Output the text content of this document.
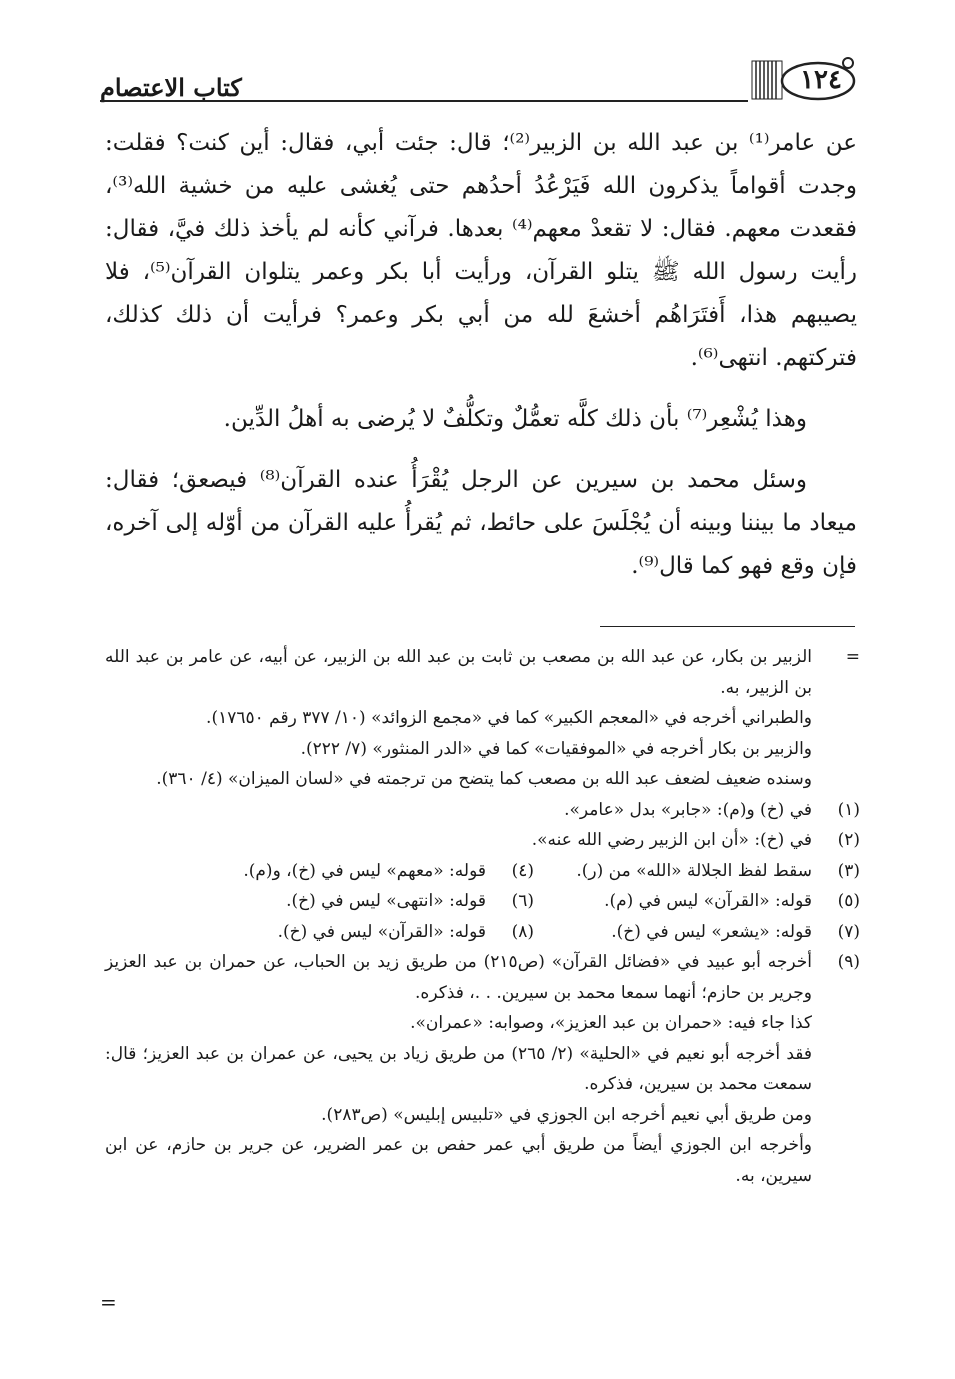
كتاب الاعتصام	١٢٤

عن عامر⁽¹⁾ بن عبد الله بن الزبير⁽²⁾؛ قال: جئت أبي، فقال: أين كنت؟ فقلت: وجدت أقواماً يذكرون الله فَيَرْعُدُ أحدُهم حتى يُغشى عليه من خشية الله⁽³⁾، فقعدت معهم. فقال: لا تقعدْ معهم⁽⁴⁾ بعدها. فرآني كأنه لم يأخذ ذلك فيَّ، فقال: رأيت رسول الله ﷺ يتلو القرآن، ورأيت أبا بكر وعمر يتلوان القرآن⁽⁵⁾، فلا يصيبهم هذا، أَفتَرَاهُم أخشعَ لله من أبي بكر وعمر؟ فرأيت أن ذلك كذلك، فتركتهم. انتهى⁽⁶⁾.

وهذا يُشْعِر⁽⁷⁾ بأن ذلك كلَّه تعمُّلٌ وتكلُّفٌ لا يُرضى به أهلُ الدِّين.

وسئل محمد بن سيرين عن الرجل يُقْرَأُ عنده القرآن⁽⁸⁾ فيصعق؛ فقال: ميعاد ما بيننا وبينه أن يُجْلَسَ على حائط، ثم يُقرأُ عليه القرآن من أوّله إلى آخره، فإن وقع فهو كما قال⁽⁹⁾.

=
الزبير بن بكار، عن عبد الله بن مصعب بن ثابت بن عبد الله بن الزبير، عن أبيه، عن عامر بن عبد الله بن الزبير، به.
والطبراني أخرجه في «المعجم الكبير» كما في «مجمع الزوائد» (١٠/ ٣٧٧ رقم ١٧٦٥٠).
والزبير بن بكار أخرجه في «الموفقيات» كما في «الدر المنثور» (٧/ ٢٢٢).
وسنده ضعيف لضعف عبد الله بن مصعب كما يتضح من ترجمته في «لسان الميزان» (٤/ ٣٦٠).
(١)
في (خ) و(م): «جابر» بدل «عامر».
(٢)
في (خ): «أن ابن الزبير رضي الله عنه».
(٣)
سقط لفظ الجلالة «الله» من (ر).
(٤)
قوله: «معهم» ليس في (خ)، و(م).
(٥)
قوله: «القرآن» ليس في (م).
(٦)
قوله: «انتهى» ليس في (خ).
(٧)
قوله: «يشعر» ليس في (خ).
(٨)
قوله: «القرآن» ليس في (خ).
(٩)
أخرجه أبو عبيد في «فضائل القرآن» (ص٢١٥) من طريق زيد بن الحباب، عن حمران بن عبد العزيز وجرير بن حازم؛ أنهما سمعا محمد بن سيرين. . .، فذكره.
كذا جاء فيه: «حمران بن عبد العزيز»، وصوابه: «عمران».
فقد أخرجه أبو نعيم في «الحلية» (٢/ ٢٦٥) من طريق زياد بن يحيى، عن عمران بن عبد العزيز؛ قال: سمعت محمد بن سيرين، فذكره.
ومن طريق أبي نعيم أخرجه ابن الجوزي في «تلبيس إبليس» (ص٢٨٣).
وأخرجه ابن الجوزي أيضاً من طريق أبي عمر حفص بن عمر الضرير، عن جرير بن حازم، عن ابن سيرين، به.
=
